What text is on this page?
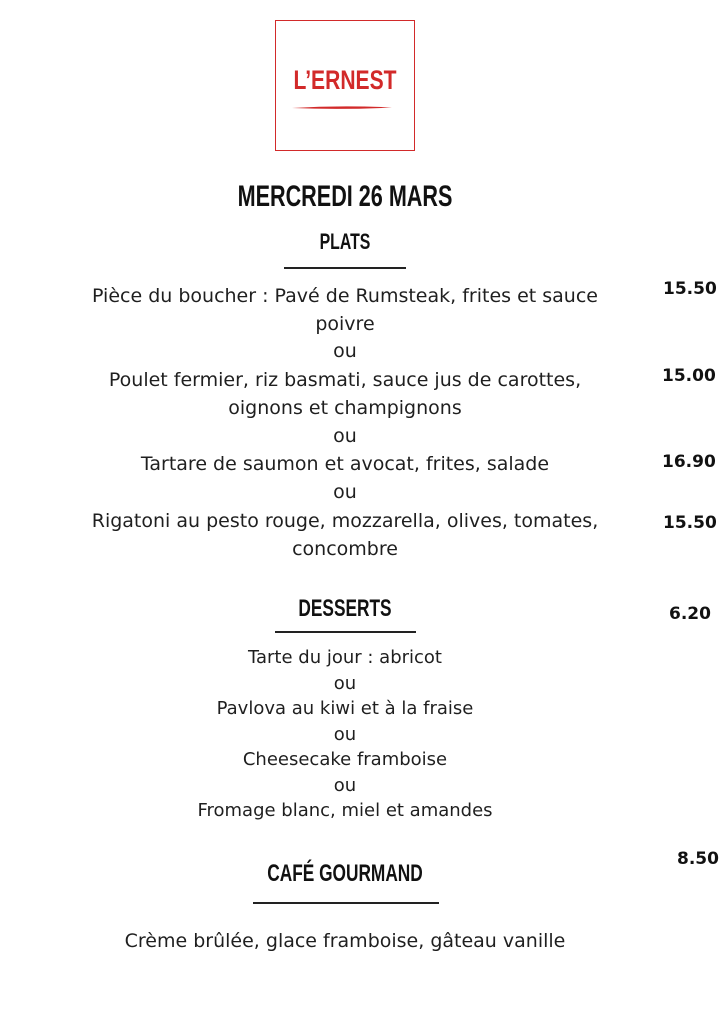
L’ERNEST
MERCREDI 26 MARS
PLATS
Pièce du boucher : Pavé de Rumsteak, frites et sauce
poivre
15.50
ou
Poulet fermier, riz basmati, sauce jus de carottes,
oignons et champignons
15.00
ou
Tartare de saumon et avocat, frites, salade	16.90
ou
Rigatoni au pesto rouge, mozzarella, olives, tomates,
concombre
15.50
DESSERTS	6.20
Tarte du jour : abricot
ou
Pavlova au kiwi et à la fraise
ou
Cheesecake framboise
ou
Fromage blanc, miel et amandes
8.50
CAFÉ GOURMAND
Crème brûlée, glace framboise, gâteau vanille
